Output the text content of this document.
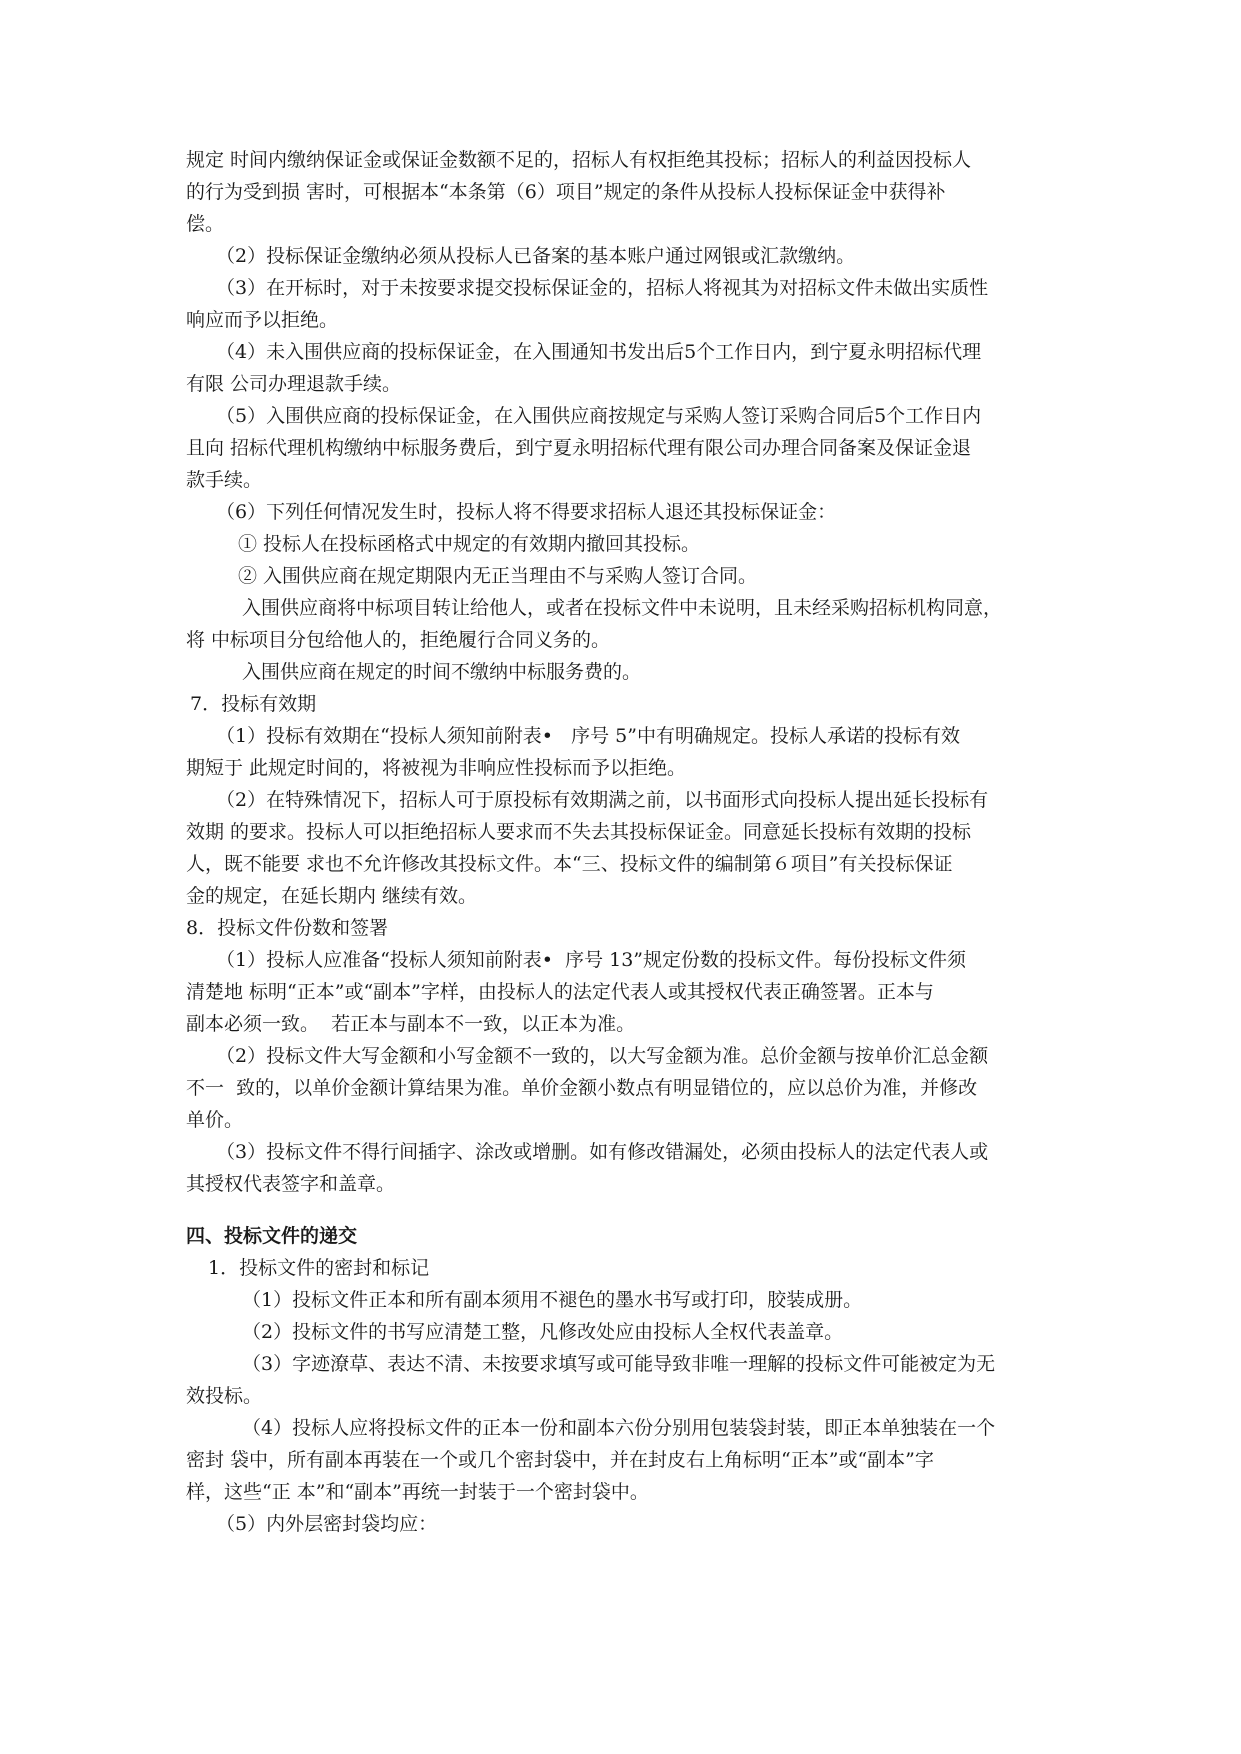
规定 时间内缴纳保证金或保证金数额不足的，招标人有权拒绝其投标；招标人的利益因投标人
的行为受到损 害时，可根据本“本条第（6）项目”规定的条件从投标人投标保证金中获得补
偿。
（2）投标保证金缴纳必须从投标人已备案的基本账户通过网银或汇款缴纳。
（3）在开标时，对于未按要求提交投标保证金的，招标人将视其为对招标文件未做出实质性
响应而予以拒绝。
（4）未入围供应商的投标保证金，在入围通知书发出后5个工作日内，到宁夏永明招标代理
有限 公司办理退款手续。
（5）入围供应商的投标保证金，在入围供应商按规定与采购人签订采购合同后5个工作日内
且向 招标代理机构缴纳中标服务费后，到宁夏永明招标代理有限公司办理合同备案及保证金退
款手续。
（6）下列任何情况发生时，投标人将不得要求招标人退还其投标保证金：
① 投标人在投标函格式中规定的有效期内撤回其投标。
② 入围供应商在规定期限内无正当理由不与采购人签订合同。
入围供应商将中标项目转让给他人，或者在投标文件中未说明，且未经采购招标机构同意，
将 中标项目分包给他人的，拒绝履行合同义务的。
入围供应商在规定的时间不缴纳中标服务费的。
7．投标有效期
（1）投标有效期在“投标人须知前附表•   序号 5”中有明确规定。投标人承诺的投标有效
期短于 此规定时间的，将被视为非响应性投标而予以拒绝。
（2）在特殊情况下，招标人可于原投标有效期满之前，以书面形式向投标人提出延长投标有
效期 的要求。投标人可以拒绝招标人要求而不失去其投标保证金。同意延长投标有效期的投标
人，既不能要 求也不允许修改其投标文件。本“三、投标文件的编制第６项目”有关投标保证
金的规定，在延长期内 继续有效。
8．投标文件份数和签署
（1）投标人应准备“投标人须知前附表•  序号 13”规定份数的投标文件。每份投标文件须
清楚地 标明“正本”或“副本”字样，由投标人的法定代表人或其授权代表正确签署。正本与
副本必须一致。  若正本与副本不一致，以正本为准。
（2）投标文件大写金额和小写金额不一致的，以大写金额为准。总价金额与按单价汇总金额
不一  致的，以单价金额计算结果为准。单价金额小数点有明显错位的，应以总价为准，并修改
单价。
（3）投标文件不得行间插字、涂改或增删。如有修改错漏处，必须由投标人的法定代表人或
其授权代表签字和盖章。
四、投标文件的递交
1．投标文件的密封和标记
（1）投标文件正本和所有副本须用不褪色的墨水书写或打印，胶装成册。
（2）投标文件的书写应清楚工整，凡修改处应由投标人全权代表盖章。
（3）字迹潦草、表达不清、未按要求填写或可能导致非唯一理解的投标文件可能被定为无
效投标。
（4）投标人应将投标文件的正本一份和副本六份分别用包装袋封装，即正本单独装在一个
密封 袋中，所有副本再装在一个或几个密封袋中，并在封皮右上角标明“正本”或“副本”字
样，这些“正 本”和“副本”再统一封装于一个密封袋中。
（5）内外层密封袋均应：
